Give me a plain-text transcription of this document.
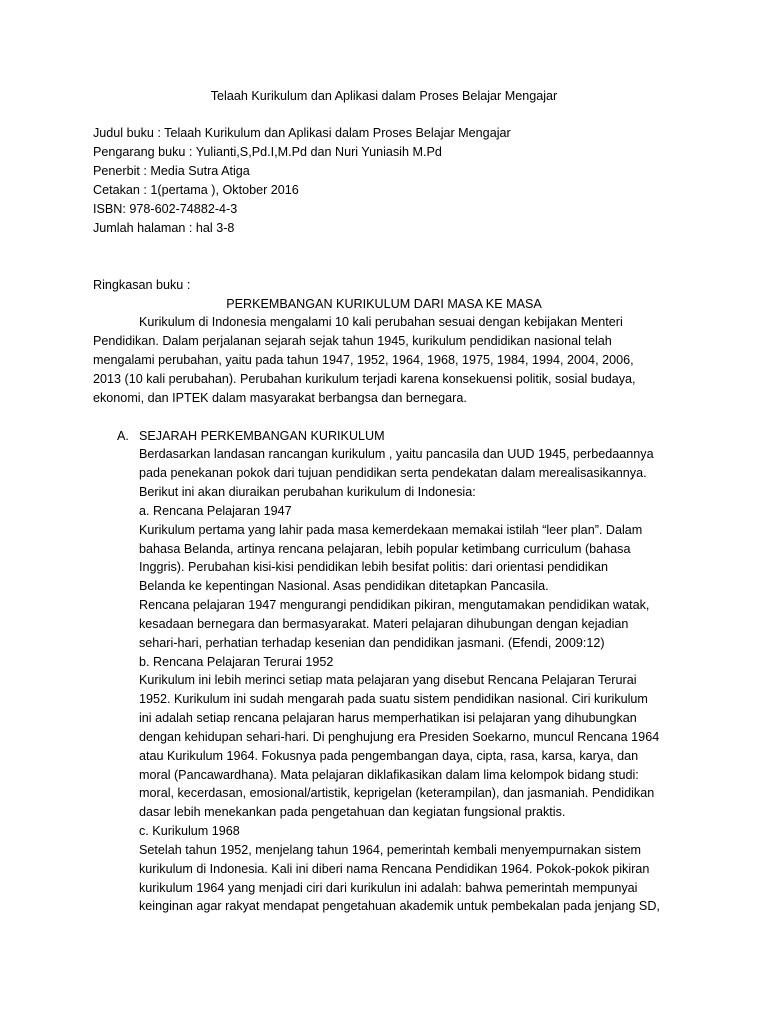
Telaah Kurikulum dan Aplikasi dalam Proses Belajar Mengajar
Judul buku : Telaah Kurikulum dan Aplikasi dalam Proses Belajar Mengajar
Pengarang buku : Yulianti,S,Pd.I,M.Pd dan Nuri Yuniasih M.Pd
Penerbit : Media Sutra Atiga
Cetakan : 1(pertama ), Oktober 2016
ISBN: 978-602-74882-4-3
Jumlah halaman : hal 3-8
Ringkasan buku :
PERKEMBANGAN KURIKULUM DARI MASA KE MASA
Kurikulum di Indonesia mengalami 10 kali perubahan sesuai dengan kebijakan Menteri
Pendidikan. Dalam perjalanan sejarah sejak tahun 1945, kurikulum pendidikan nasional telah
mengalami perubahan, yaitu pada tahun 1947, 1952, 1964, 1968, 1975, 1984, 1994, 2004, 2006,
2013 (10 kali perubahan). Perubahan kurikulum terjadi karena konsekuensi politik, sosial budaya,
ekonomi, dan IPTEK dalam masyarakat berbangsa dan bernegara.
A. SEJARAH PERKEMBANGAN KURIKULUM
Berdasarkan landasan rancangan kurikulum , yaitu pancasila dan UUD 1945, perbedaannya
pada penekanan pokok dari tujuan pendidikan serta pendekatan dalam merealisasikannya.
Berikut ini akan diuraikan perubahan kurikulum di Indonesia:
a. Rencana Pelajaran 1947
Kurikulum pertama yang lahir pada masa kemerdekaan memakai istilah “leer plan”. Dalam
bahasa Belanda, artinya rencana pelajaran, lebih popular ketimbang curriculum (bahasa
Inggris). Perubahan kisi-kisi pendidikan lebih besifat politis: dari orientasi pendidikan
Belanda ke kepentingan Nasional. Asas pendidikan ditetapkan Pancasila.
Rencana pelajaran 1947 mengurangi pendidikan pikiran, mengutamakan pendidikan watak,
kesadaan bernegara dan bermasyarakat. Materi pelajaran dihubungan dengan kejadian
sehari-hari, perhatian terhadap kesenian dan pendidikan jasmani. (Efendi, 2009:12)
b. Rencana Pelajaran Terurai 1952
Kurikulum ini lebih merinci setiap mata pelajaran yang disebut Rencana Pelajaran Terurai
1952. Kurikulum ini sudah mengarah pada suatu sistem pendidikan nasional. Ciri kurikulum
ini adalah setiap rencana pelajaran harus memperhatikan isi pelajaran yang dihubungkan
dengan kehidupan sehari-hari. Di penghujung era Presiden Soekarno, muncul Rencana 1964
atau Kurikulum 1964. Fokusnya pada pengembangan daya, cipta, rasa, karsa, karya, dan
moral (Pancawardhana). Mata pelajaran diklafikasikan dalam lima kelompok bidang studi:
moral, kecerdasan, emosional/artistik, keprigelan (keterampilan), dan jasmaniah. Pendidikan
dasar lebih menekankan pada pengetahuan dan kegiatan fungsional praktis.
c. Kurikulum 1968
Setelah tahun 1952, menjelang tahun 1964, pemerintah kembali menyempurnakan sistem
kurikulum di Indonesia. Kali ini diberi nama Rencana Pendidikan 1964. Pokok-pokok pikiran
kurikulum 1964 yang menjadi ciri dari kurikulun ini adalah: bahwa pemerintah mempunyai
keinginan agar rakyat mendapat pengetahuan akademik untuk pembekalan pada jenjang SD,
